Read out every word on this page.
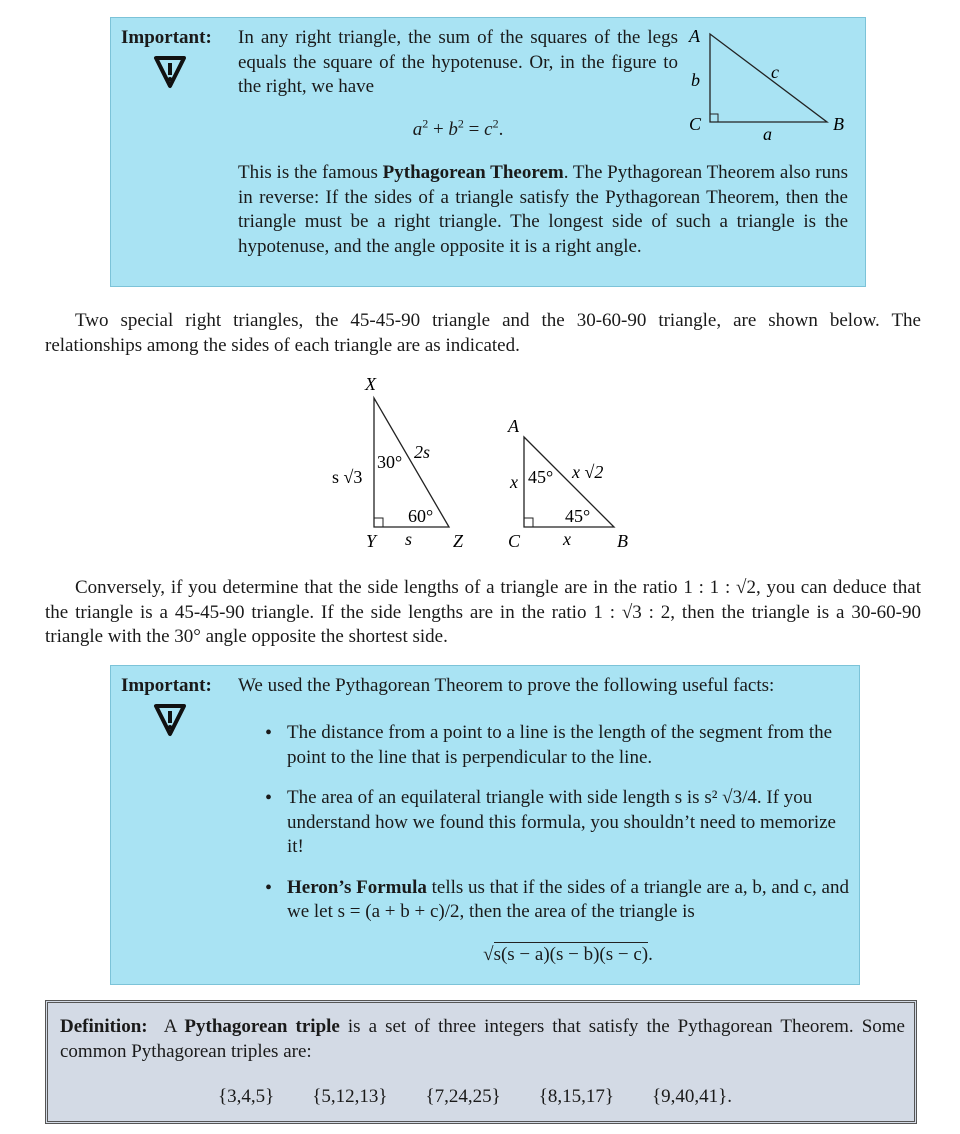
Important: In any right triangle, the sum of the squares of the legs equals the square of the hypotenuse. Or, in the figure to the right, we have
$a^2 + b^2 = c^2$.
This is the famous Pythagorean Theorem. The Pythagorean Theorem also runs in reverse: If the sides of a triangle satisfy the Pythagorean Theorem, then the triangle must be a right triangle. The longest side of such a triangle is the hypotenuse, and the angle opposite it is a right angle.
A
b	c
C	B
a
Two special right triangles, the 45-45-90 triangle and the 30-60-90 triangle, are shown below. The relationships among the sides of each triangle are as indicated.
X
Y	Z
2s
s √3
s
30°
60°
A
C	B
x √2
x
x
45°
45°
Conversely, if you determine that the side lengths of a triangle are in the ratio 1 : 1 : √2, you can deduce that the triangle is a 45-45-90 triangle. If the side lengths are in the ratio 1 : √3 : 2, then the triangle is a 30-60-90 triangle with the 30° angle opposite the shortest side.
Important: We used the Pythagorean Theorem to prove the following useful facts:
• The distance from a point to a line is the length of the segment from the point to the line that is perpendicular to the line.
• The area of an equilateral triangle with side length s is s² √3/4. If you understand how we found this formula, you shouldn’t need to memorize it!
• Heron’s Formula tells us that if the sides of a triangle are a, b, and c, and we let s = (a + b + c)/2, then the area of the triangle is
√s(s − a)(s − b)(s − c).
Definition: A Pythagorean triple is a set of three integers that satisfy the Pythagorean Theorem. Some common Pythagorean triples are:
{3,4,5} {5,12,13} {7,24,25} {8,15,17} {9,40,41}.
